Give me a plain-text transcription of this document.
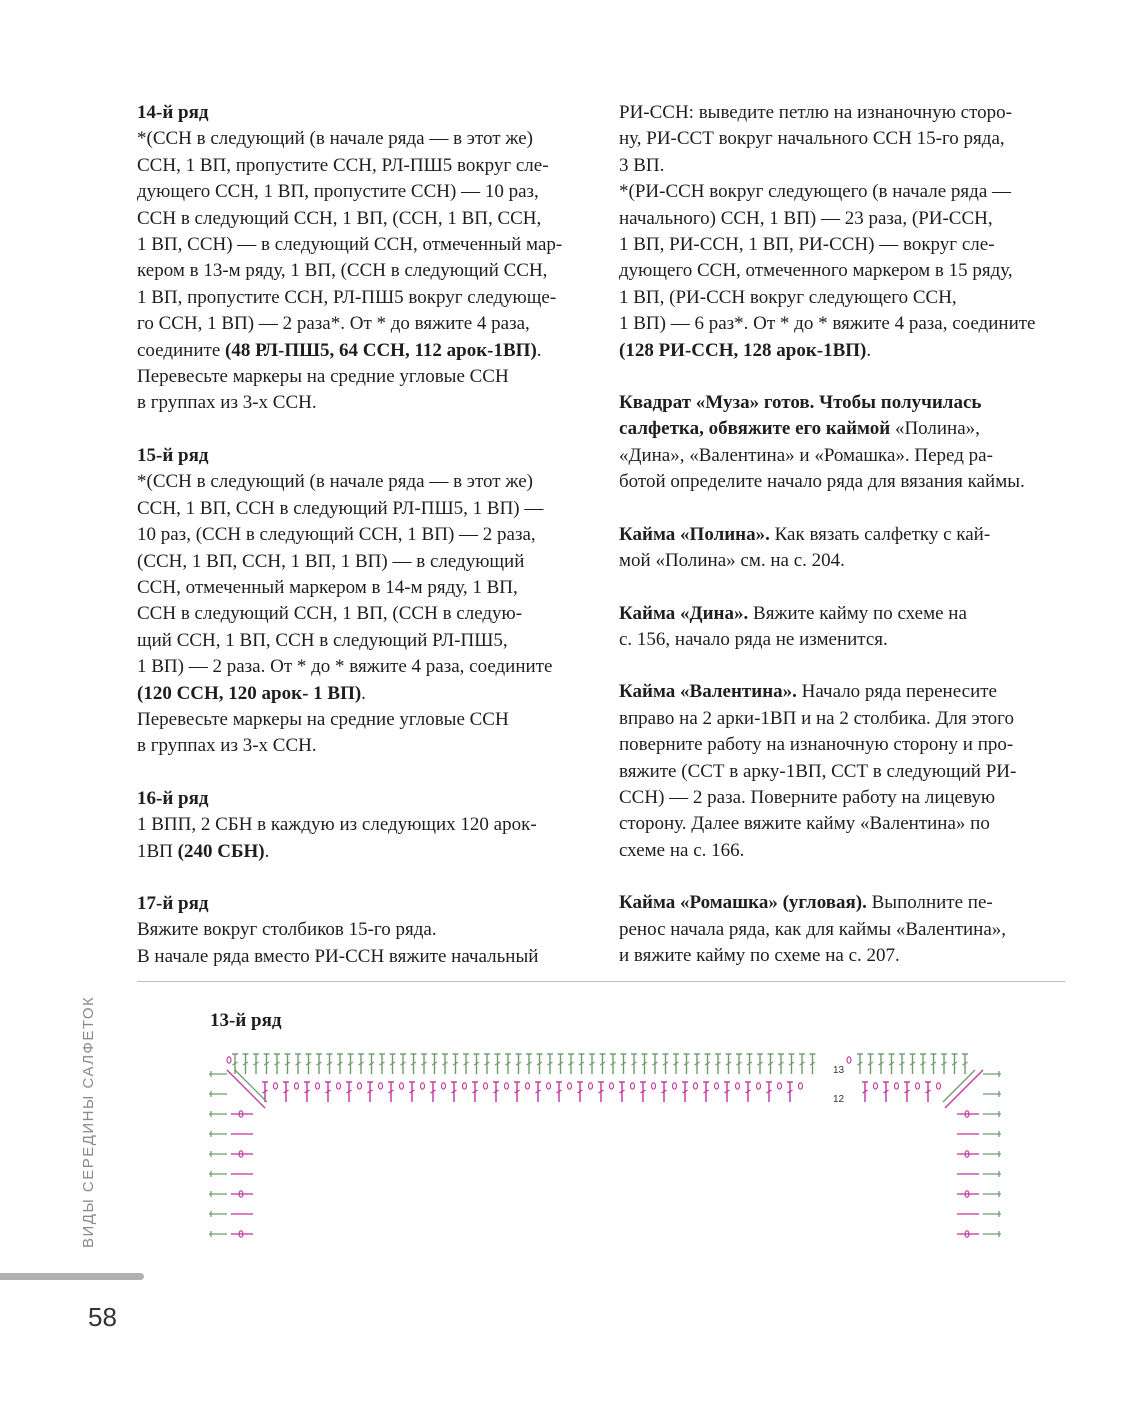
14-й ряд
*(ССН в следующий (в начале ряда — в этот же)
ССН, 1 ВП, пропустите ССН, РЛ-ПШ5 вокруг сле-
дующего ССН, 1 ВП, пропустите ССН) — 10 раз,
ССН в следующий ССН, 1 ВП, (ССН, 1 ВП, ССН,
1 ВП, ССН) — в следующий ССН, отмеченный мар-
кером в 13-м ряду, 1 ВП, (ССН в следующий ССН,
1 ВП, пропустите ССН, РЛ-ПШ5 вокруг следующе-
го ССН, 1 ВП) — 2 раза*. От * до вяжите 4 раза,
соедините (48 РЛ-ПШ5, 64 ССН, 112 арок-1ВП).
Перевесьте маркеры на средние угловые ССН
в группах из 3-х ССН.
15-й ряд
*(ССН в следующий (в начале ряда — в этот же)
ССН, 1 ВП, ССН в следующий РЛ-ПШ5, 1 ВП) —
10 раз, (ССН в следующий ССН, 1 ВП) — 2 раза,
(ССН, 1 ВП, ССН, 1 ВП, 1 ВП) — в следующий
ССН, отмеченный маркером в 14-м ряду, 1 ВП,
ССН в следующий ССН, 1 ВП, (ССН в следую-
щий ССН, 1 ВП, ССН в следующий РЛ-ПШ5,
1 ВП) — 2 раза. От * до * вяжите 4 раза, соедините
(120 ССН, 120 арок- 1 ВП).
Перевесьте маркеры на средние угловые ССН
в группах из 3-х ССН.
16-й ряд
1 ВПП, 2 СБН в каждую из следующих 120 арок-
1ВП (240 СБН).
17-й ряд
Вяжите вокруг столбиков 15-го ряда.
В начале ряда вместо РИ-ССН вяжите начальный
РИ-ССН: выведите петлю на изнаночную сторо-
ну, РИ-ССТ вокруг начального ССН 15-го ряда,
3 ВП.
*(РИ-ССН вокруг следующего (в начале ряда —
начального) ССН, 1 ВП) — 23 раза, (РИ-ССН,
1 ВП, РИ-ССН, 1 ВП, РИ-ССН) — вокруг сле-
дующего ССН, отмеченного маркером в 15 ряду,
1 ВП, (РИ-ССН вокруг следующего ССН,
1 ВП) — 6 раз*. От * до * вяжите 4 раза, соедините
(128 РИ-ССН, 128 арок-1ВП).
Квадрат «Муза» готов. Чтобы получилась
салфетка, обвяжите его каймой «Полина»,
«Дина», «Валентина» и «Ромашка». Перед ра-
ботой определите начало ряда для вязания каймы.
Кайма «Полина». Как вязать салфетку с кай-
мой «Полина» см. на с. 204.
Кайма «Дина». Вяжите кайму по схеме на
с. 156, начало ряда не изменится.
Кайма «Валентина». Начало ряда перенесите
вправо на 2 арки-1ВП и на 2 столбика. Для этого
поверните работу на изнаночную сторону и про-
вяжите (ССТ в арку-1ВП, ССТ в следующий РИ-
ССН) — 2 раза. Поверните работу на лицевую
сторону. Далее вяжите кайму «Валентина» по
схеме на с. 166.
Кайма «Ромашка» (угловая). Выполните пе-
ренос начала ряда, как для каймы «Валентина»,
и вяжите кайму по схеме на с. 207.
13-й ряд
13
12
ВИДЫ СЕРЕДИНЫ САЛФЕТОК
58
